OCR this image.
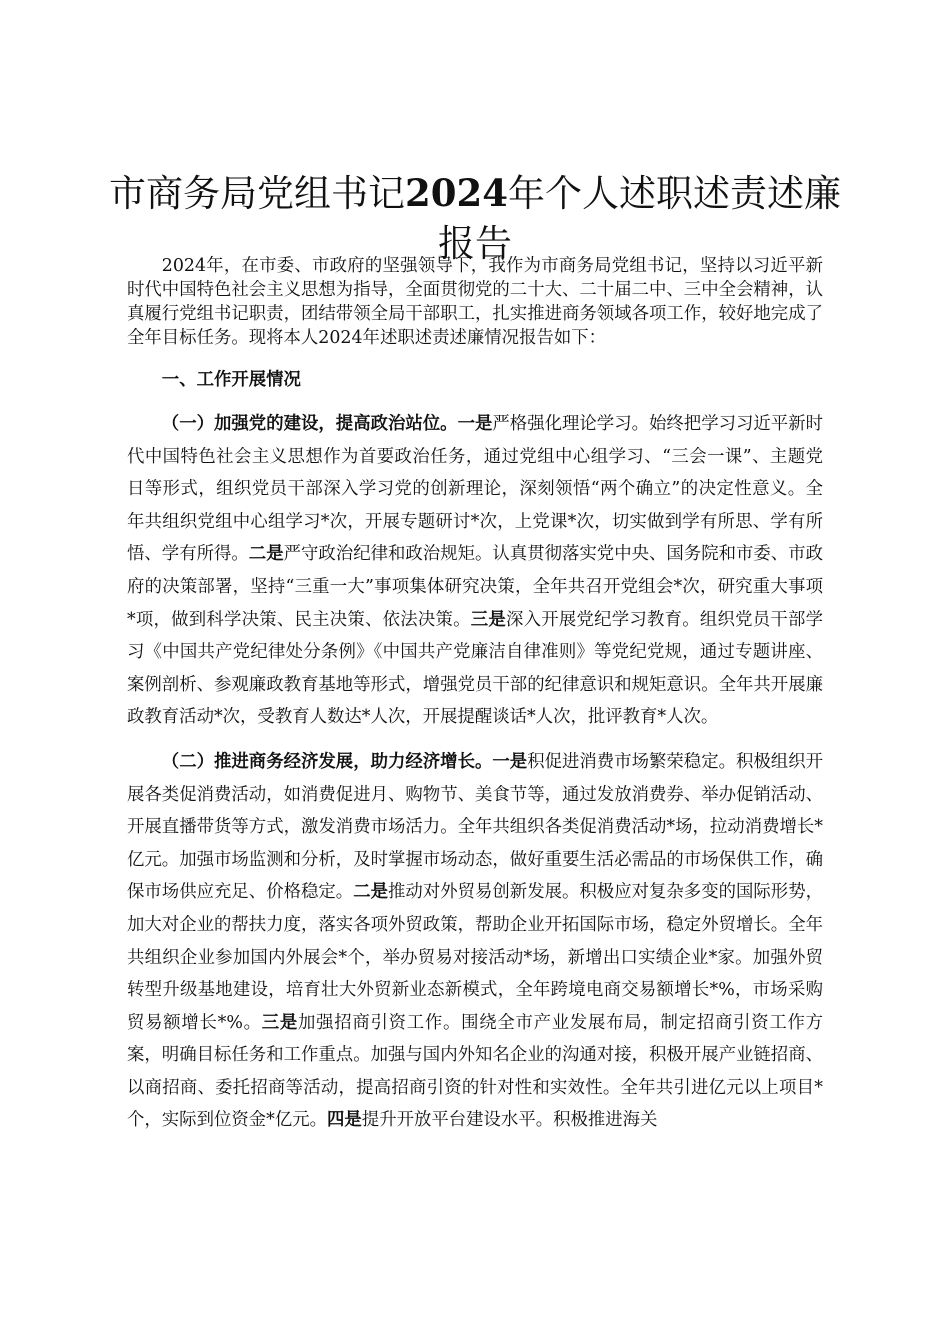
市商务局党组书记2024年个人述职述责述廉报告

2024年，在市委、市政府的坚强领导下，我作为市商务局党组书记，坚持以习近平新时代中国特色社会主义思想为指导，全面贯彻党的二十大、二十届二中、三中全会精神，认真履行党组书记职责，团结带领全局干部职工，扎实推进商务领域各项工作，较好地完成了全年目标任务。现将本人2024年述职述责述廉情况报告如下：

一、工作开展情况

（一）加强党的建设，提高政治站位。一是严格强化理论学习。始终把学习习近平新时代中国特色社会主义思想作为首要政治任务，通过党组中心组学习、“三会一课”、主题党日等形式，组织党员干部深入学习党的创新理论，深刻领悟“两个确立”的决定性意义。全年共组织党组中心组学习*次，开展专题研讨*次，上党课*次，切实做到学有所思、学有所悟、学有所得。二是严守政治纪律和政治规矩。认真贯彻落实党中央、国务院和市委、市政府的决策部署，坚持“三重一大”事项集体研究决策，全年共召开党组会*次，研究重大事项*项，做到科学决策、民主决策、依法决策。三是深入开展党纪学习教育。组织党员干部学习《中国共产党纪律处分条例》《中国共产党廉洁自律准则》等党纪党规，通过专题讲座、案例剖析、参观廉政教育基地等形式，增强党员干部的纪律意识和规矩意识。全年共开展廉政教育活动*次，受教育人数达*人次，开展提醒谈话*人次，批评教育*人次。

（二）推进商务经济发展，助力经济增长。一是积促进消费市场繁荣稳定。积极组织开展各类促消费活动，如消费促进月、购物节、美食节等，通过发放消费券、举办促销活动、开展直播带货等方式，激发消费市场活力。全年共组织各类促消费活动*场，拉动消费增长*亿元。加强市场监测和分析，及时掌握市场动态，做好重要生活必需品的市场保供工作，确保市场供应充足、价格稳定。二是推动对外贸易创新发展。积极应对复杂多变的国际形势，加大对企业的帮扶力度，落实各项外贸政策，帮助企业开拓国际市场，稳定外贸增长。全年共组织企业参加国内外展会*个，举办贸易对接活动*场，新增出口实绩企业*家。加强外贸转型升级基地建设，培育壮大外贸新业态新模式，全年跨境电商交易额增长*%，市场采购贸易额增长*%。三是加强招商引资工作。围绕全市产业发展布局，制定招商引资工作方案，明确目标任务和工作重点。加强与国内外知名企业的沟通对接，积极开展产业链招商、以商招商、委托招商等活动，提高招商引资的针对性和实效性。全年共引进亿元以上项目*个，实际到位资金*亿元。四是提升开放平台建设水平。积极推进海关
